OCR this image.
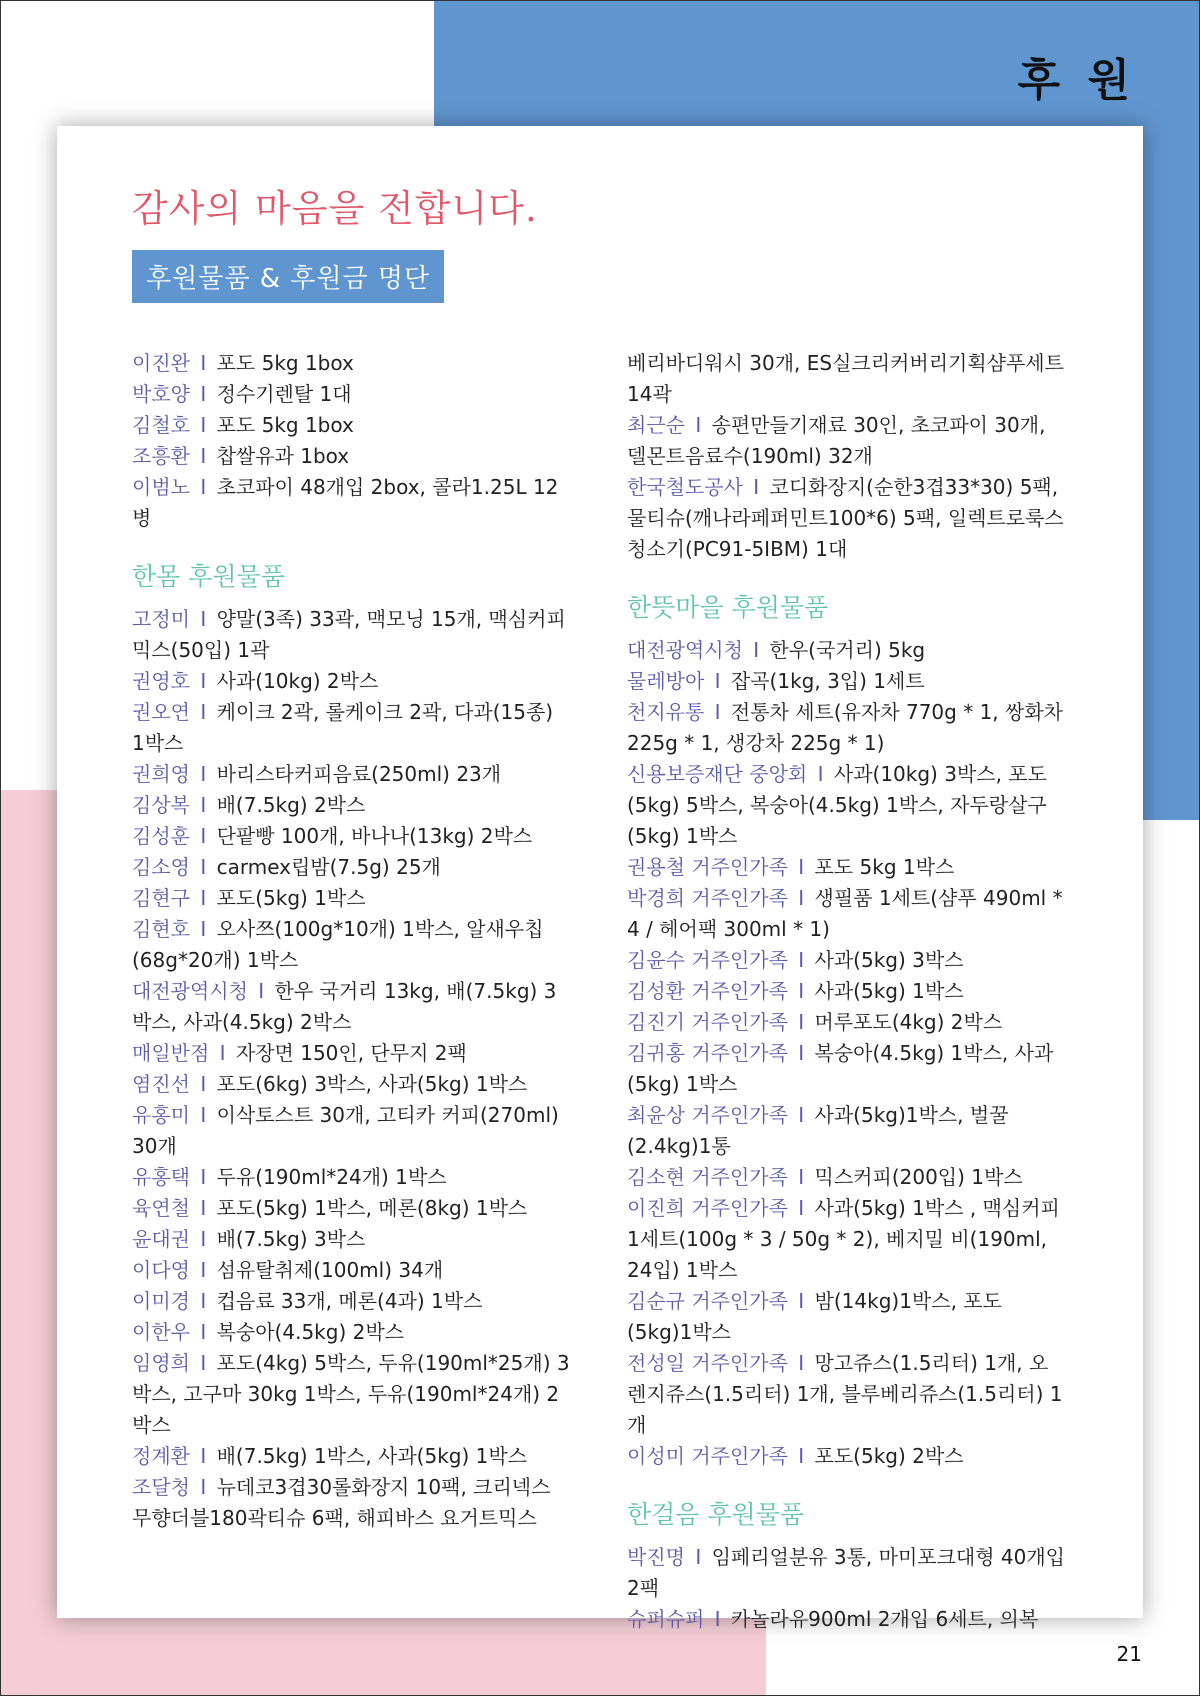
후 원
감사의 마음을 전합니다.
후원물품 & 후원금 명단

이진완 I 포도 5kg 1box

박호양 I 정수기렌탈 1대

김철호 I 포도 5kg 1box

조흥환 I 찹쌀유과 1box

이범노 I 초코파이 48개입 2box, 콜라1.25L 12병

한몸 후원물품

고정미 I 양말(3족) 33곽, 맥모닝 15개, 맥심커피믹스(50입) 1곽

권영호 I 사과(10kg) 2박스

권오연 I 케이크 2곽, 롤케이크 2곽, 다과(15종) 1박스

권희영 I 바리스타커피음료(250ml) 23개

김상복 I 배(7.5kg) 2박스

김성훈 I 단팥빵 100개, 바나나(13kg) 2박스

김소영 I carmex립밤(7.5g) 25개

김현구 I 포도(5kg) 1박스

김현호 I 오사쯔(100g*10개) 1박스, 알새우칩(68g*20개) 1박스

대전광역시청 I 한우 국거리 13kg, 배(7.5kg) 3박스, 사과(4.5kg) 2박스

매일반점 I 자장면 150인, 단무지 2팩

염진선 I 포도(6kg) 3박스, 사과(5kg) 1박스

유홍미 I 이삭토스트 30개, 고티카 커피(270ml) 30개

유홍택 I 두유(190ml*24개) 1박스

육연철 I 포도(5kg) 1박스, 메론(8kg) 1박스

윤대권 I 배(7.5kg) 3박스

이다영 I 섬유탈취제(100ml) 34개

이미경 I 컵음료 33개, 메론(4과) 1박스

이한우 I 복숭아(4.5kg) 2박스

임영희 I 포도(4kg) 5박스, 두유(190ml*25개) 3박스, 고구마 30kg 1박스, 두유(190ml*24개) 2박스

정계환 I 배(7.5kg) 1박스, 사과(5kg) 1박스

조달청 I 뉴데코3겹30롤화장지 10팩, 크리넥스 무향더블180곽티슈 6팩, 해피바스 요거트믹스

베리바디워시 30개, ES실크리커버리기획샴푸세트 14곽

최근순 I 송편만들기재료 30인, 초코파이 30개, 델몬트음료수(190ml) 32개

한국철도공사 I 코디화장지(순한3겹33*30) 5팩, 물티슈(깨나라페퍼민트100*6) 5팩, 일렉트로룩스 청소기(PC91-5IBM) 1대

한뜻마을 후원물품

대전광역시청 I 한우(국거리) 5kg

물레방아 I 잡곡(1kg, 3입) 1세트

천지유통 I 전통차 세트(유자차 770g * 1, 쌍화차 225g * 1, 생강차 225g * 1)

신용보증재단 중앙회 I 사과(10kg) 3박스, 포도(5kg) 5박스, 복숭아(4.5kg) 1박스, 자두랑살구(5kg) 1박스

권용철 거주인가족 I 포도 5kg 1박스

박경희 거주인가족 I 생필품 1세트(샴푸 490ml * 4 / 헤어팩 300ml * 1)

김윤수 거주인가족 I 사과(5kg) 3박스

김성환 거주인가족 I 사과(5kg) 1박스

김진기 거주인가족 I 머루포도(4kg) 2박스

김귀홍 거주인가족 I 복숭아(4.5kg) 1박스, 사과(5kg) 1박스

최윤상 거주인가족 I 사과(5kg)1박스, 벌꿀(2.4kg)1통

김소현 거주인가족 I 믹스커피(200입) 1박스

이진희 거주인가족 I 사과(5kg) 1박스 , 맥심커피 1세트(100g * 3 / 50g * 2), 베지밀 비(190ml, 24입) 1박스

김순규 거주인가족 I 밤(14kg)1박스, 포도(5kg)1박스

전성일 거주인가족 I 망고쥬스(1.5리터) 1개, 오렌지쥬스(1.5리터) 1개, 블루베리쥬스(1.5리터) 1개

이성미 거주인가족 I 포도(5kg) 2박스

한걸음 후원물품

박진명 I 임페리얼분유 3통, 마미포크대형 40개입 2팩

슈퍼슈퍼 I 카놀라유900ml 2개입 6세트, 의복

21
